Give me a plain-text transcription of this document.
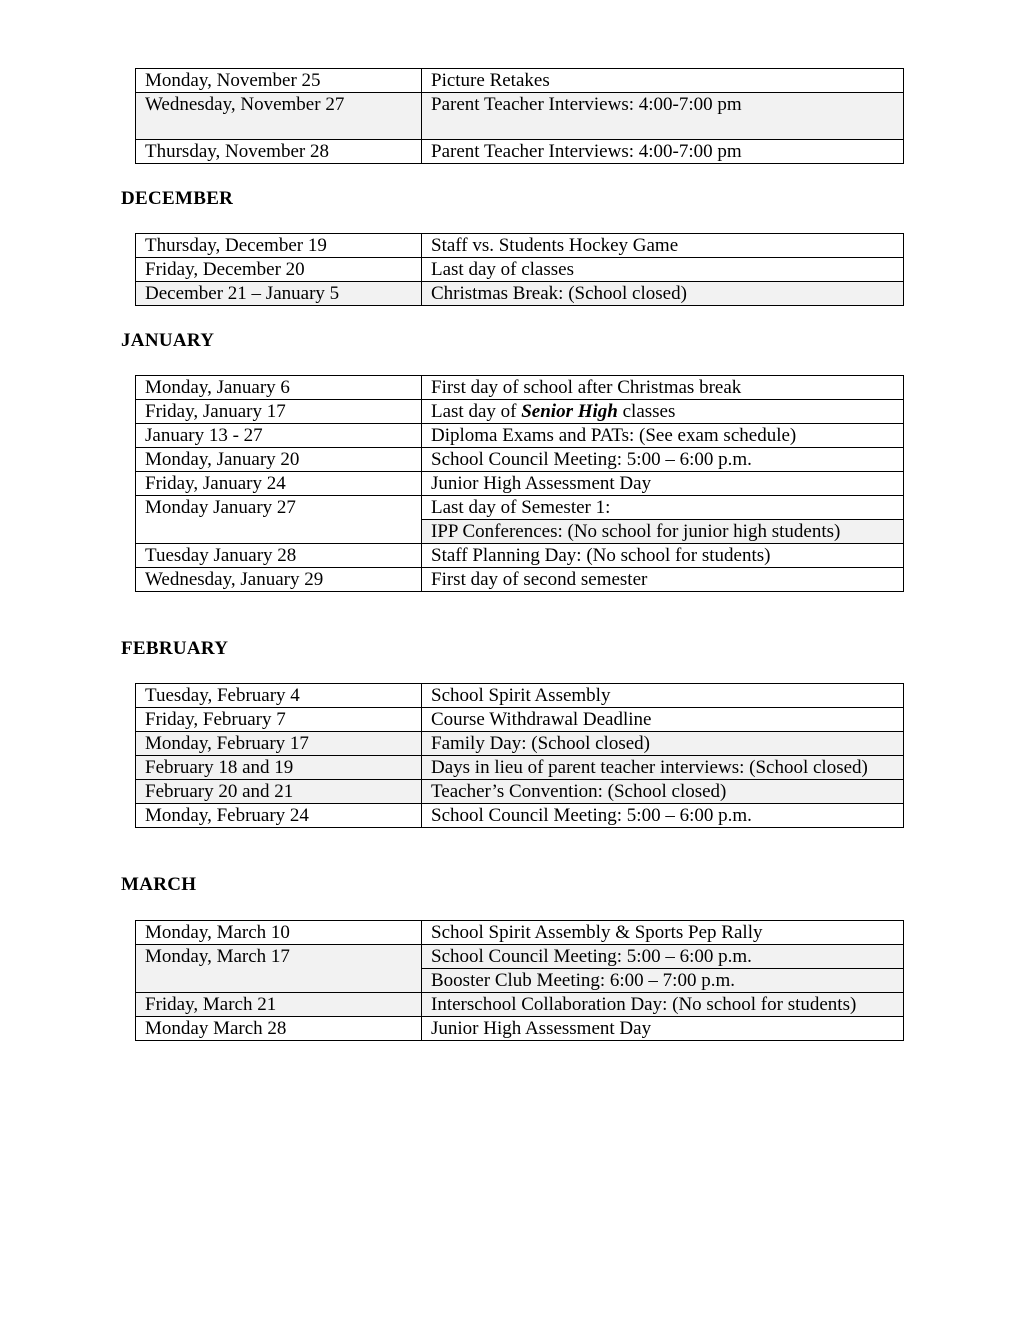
Monday, November 25	Picture Retakes
Wednesday, November 27	Parent Teacher Interviews: 4:00-7:00 pm
Thursday, November 28	Parent Teacher Interviews: 4:00-7:00 pm
DECEMBER
Thursday, December 19	Staff vs. Students Hockey Game
Friday, December 20	Last day of classes
December 21 – January 5	Christmas Break: (School closed)
JANUARY
Monday, January 6	First day of school after Christmas break
Friday, January 17	Last day of Senior High classes
January 13 - 27	Diploma Exams and PATs: (See exam schedule)
Monday, January 20	School Council Meeting: 5:00 – 6:00 p.m.
Friday, January 24	Junior High Assessment Day
Monday January 27	Last day of Semester 1:
	IPP Conferences: (No school for junior high students)
Tuesday January 28	Staff Planning Day: (No school for students)
Wednesday, January 29	First day of second semester
FEBRUARY
Tuesday, February 4	School Spirit Assembly
Friday, February 7	Course Withdrawal Deadline
Monday, February 17	Family Day: (School closed)
February 18 and 19	Days in lieu of parent teacher interviews: (School closed)
February 20 and 21	Teacher’s Convention: (School closed)
Monday, February 24	School Council Meeting: 5:00 – 6:00 p.m.
MARCH
Monday, March 10	School Spirit Assembly & Sports Pep Rally
Monday, March 17	School Council Meeting: 5:00 – 6:00 p.m.
	Booster Club Meeting: 6:00 – 7:00 p.m.
Friday, March 21	Interschool Collaboration Day: (No school for students)
Monday March 28	Junior High Assessment Day
